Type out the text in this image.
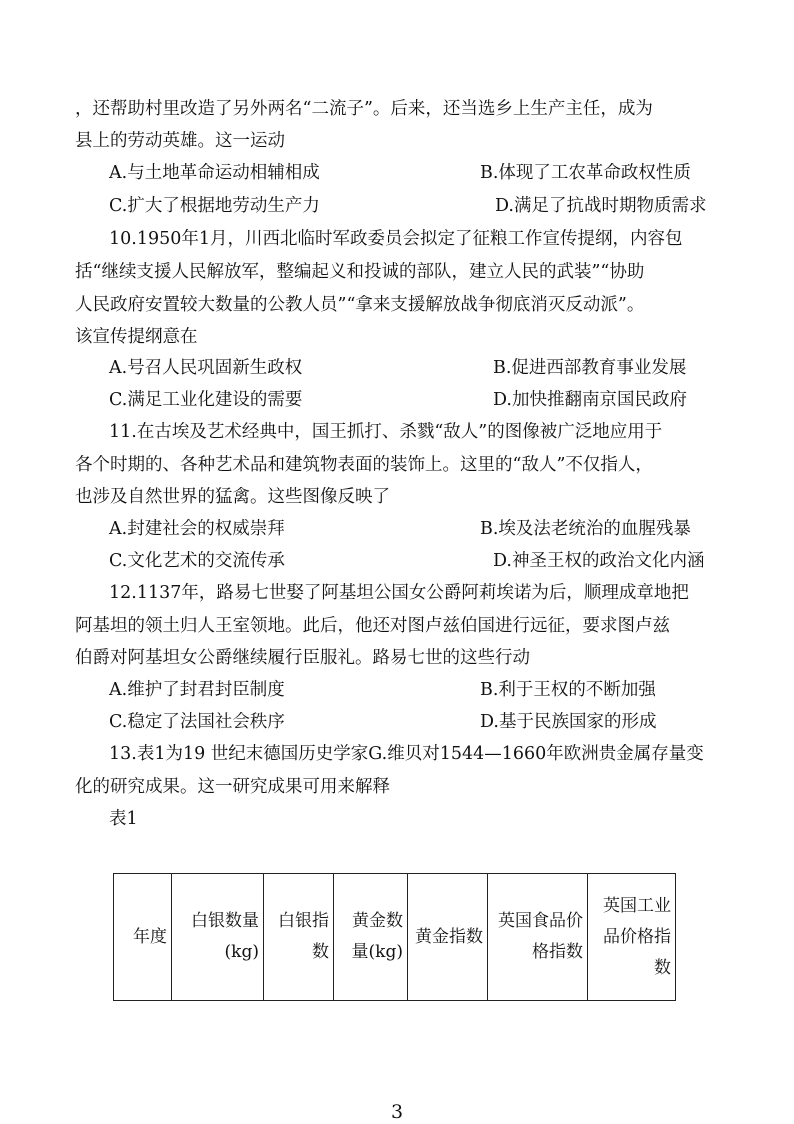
，还帮助村里改造了另外两名“二流子”。后来，还当选乡上生产主任，成为
县上的劳动英雄。这一运动
A.与土地革命运动相辅相成	B.体现了工农革命政权性质
C.扩大了根据地劳动生产力	D.满足了抗战时期物质需求
10.1950年1月，川西北临时军政委员会拟定了征粮工作宣传提纲，内容包
括“继续支援人民解放军，整编起义和投诚的部队，建立人民的武装”“协助
人民政府安置较大数量的公教人员”“拿来支援解放战争彻底消灭反动派”。
该宣传提纲意在
A.号召人民巩固新生政权	B.促进西部教育事业发展
C.满足工业化建设的需要	D.加快推翻南京国民政府
11.在古埃及艺术经典中，国王抓打、杀戮“敌人”的图像被广泛地应用于
各个时期的、各种艺术品和建筑物表面的装饰上。这里的“敌人”不仅指人，
也涉及自然世界的猛禽。这些图像反映了
A.封建社会的权威崇拜	B.埃及法老统治的血腥残暴
C.文化艺术的交流传承	D.神圣王权的政治文化内涵
12.1137年，路易七世娶了阿基坦公国女公爵阿莉埃诺为后，顺理成章地把
阿基坦的领土归人王室领地。此后，他还对图卢兹伯国进行远征，要求图卢兹
伯爵对阿基坦女公爵继续履行臣服礼。路易七世的这些行动
A.维护了封君封臣制度	B.利于王权的不断加强
C.稳定了法国社会秩序	D.基于民族国家的形成
13.表1为19 世纪末德国历史学家G.维贝对1544—1660年欧洲贵金属存量变
化的研究成果。这一研究成果可用来解释
表1
年度	白银数量(kg)	白银指数	黄金数量(kg)	黄金指数	英国食品价格指数	英国工业品价格指数
3
